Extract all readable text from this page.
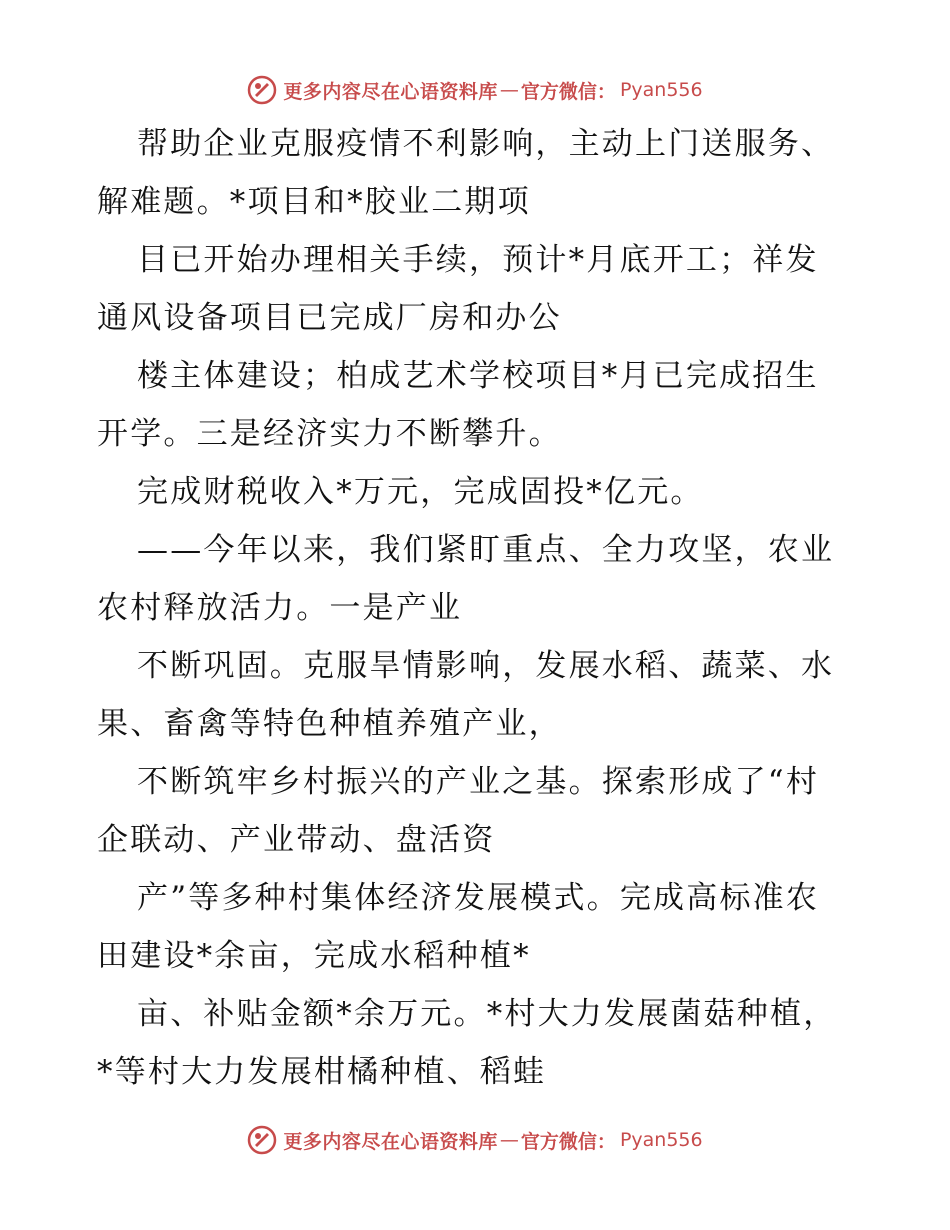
更多内容尽在心语资料库 — 官方微信： Pyan556
帮助企业克服疫情不利影响，主动上门送服务、
解难题。*项目和*胶业二期项
目已开始办理相关手续，预计*月底开工；祥发
通风设备项目已完成厂房和办公
楼主体建设；柏成艺术学校项目*月已完成招生
开学。三是经济实力不断攀升。
完成财税收入*万元，完成固投*亿元。
——今年以来，我们紧盯重点、全力攻坚，农业
农村释放活力。一是产业
不断巩固。克服旱情影响，发展水稻、蔬菜、水
果、畜禽等特色种植养殖产业，
不断筑牢乡村振兴的产业之基。探索形成了“村
企联动、产业带动、盘活资
产”等多种村集体经济发展模式。完成高标准农
田建设*余亩，完成水稻种植*
亩、补贴金额*余万元。*村大力发展菌菇种植，
*等村大力发展柑橘种植、稻蛙
更多内容尽在心语资料库 — 官方微信： Pyan556
